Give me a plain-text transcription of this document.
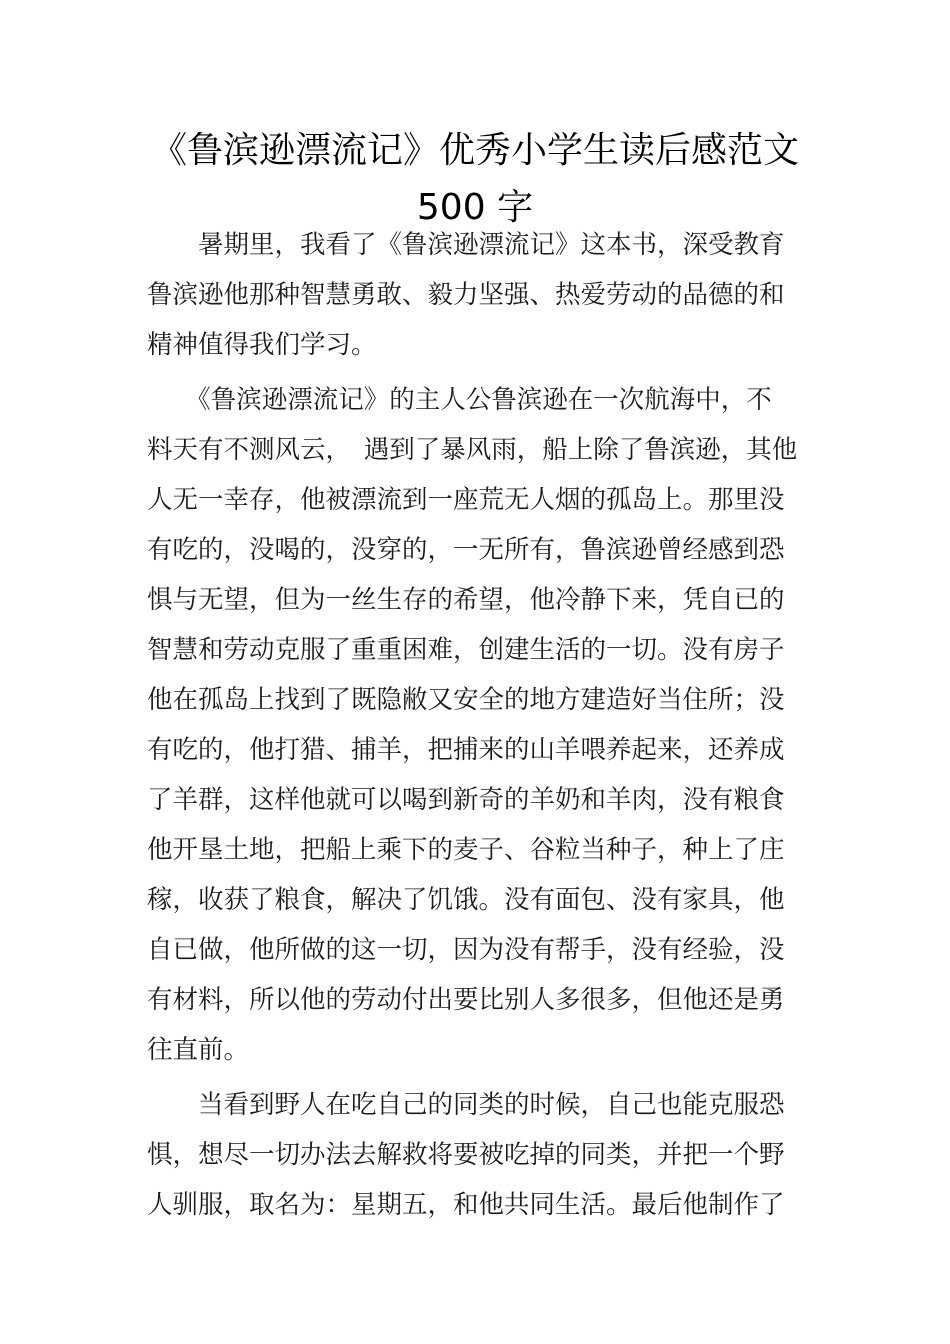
《鲁滨逊漂流记》优秀小学生读后感范文
500 字
　　暑期里，我看了《鲁滨逊漂流记》这本书，深受教育
鲁滨逊他那种智慧勇敢、毅力坚强、热爱劳动的品德的和
精神值得我们学习。
　　《鲁滨逊漂流记》的主人公鲁滨逊在一次航海中，不
料天有不测风云，　遇到了暴风雨，船上除了鲁滨逊，其他
人无一幸存，他被漂流到一座荒无人烟的孤岛上。那里没
有吃的，没喝的，没穿的，一无所有，鲁滨逊曾经感到恐
惧与无望，但为一丝生存的希望，他冷静下来，凭自已的
智慧和劳动克服了重重困难，创建生活的一切。没有房子
他在孤岛上找到了既隐敝又安全的地方建造好当住所；没
有吃的，他打猎、捕羊，把捕来的山羊喂养起来，还养成
了羊群，这样他就可以喝到新奇的羊奶和羊肉，没有粮食
他开垦土地，把船上乘下的麦子、谷粒当种子，种上了庄
稼，收获了粮食，解决了饥饿。没有面包、没有家具，他
自已做，他所做的这一切，因为没有帮手，没有经验，没
有材料，所以他的劳动付出要比别人多很多，但他还是勇
往直前。
　　当看到野人在吃自己的同类的时候，自己也能克服恐
惧，想尽一切办法去解救将要被吃掉的同类，并把一个野
人驯服，取名为：星期五，和他共同生活。最后他制作了
